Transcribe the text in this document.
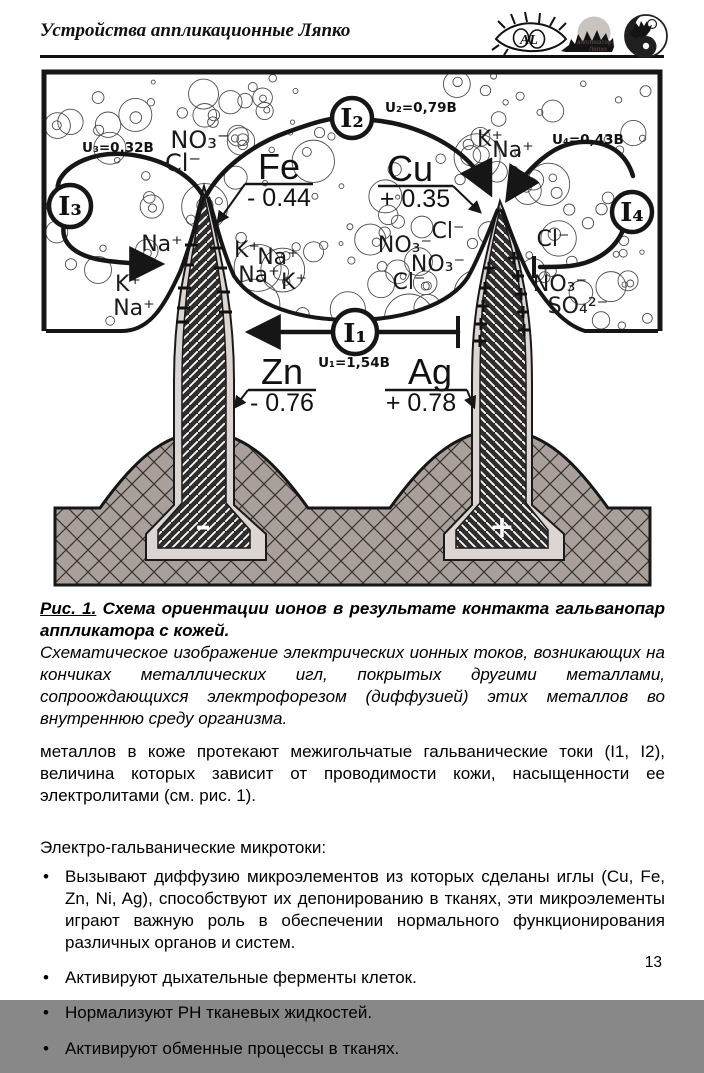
Устройства аппликационные Ляпко	AL	аппликатор
Ляпко
–	+
I₂ U₂=0,79В
I₃
U₃=0,32В
I₄
U₄=0,43В
I₁
U₁=1,54В
Fe
- 0.44
Cu
+ 0.35
Zn
- 0.76
Ag
+ 0.78
NO₃⁻
Cl⁻
Na⁺
K⁺
Na⁺
K⁺
Na⁺
Na⁺ K⁺
K⁺
Na⁺
Cl⁻
NO₃⁻
NO₃⁻
Cl⁻
Cl⁻
NO₃⁻
SO₄²⁻

Рис. 1. Схема ориентации ионов в результате контакта гальванопар аппликатора с кожей.

Схематическое изображение электрических ионных токов, возникающих на кончиках металлических игл, покрытых другими металлами, сопроождающихся электрофорезом (диффузией) этих металлов во внутреннюю среду организма.

металлов в коже протекают межигольчатые гальванические токи (I1, I2), величина которых зависит от проводимости кожи, насыщенности ее электролитами (см. рис. 1).

Электро-гальванические микротоки:

• Вызывают диффузию микроэлементов из которых сделаны иглы (Cu, Fe, Zn, Ni, Ag), способствуют их депонированию в тканях, эти микроэлементы играют важную роль в обеспечении нормального функционирования различных органов и систем.
• Активируют дыхательные ферменты клеток.
• Нормализуют РН тканевых жидкостей.
• Активируют обменные процессы в тканях.
13
